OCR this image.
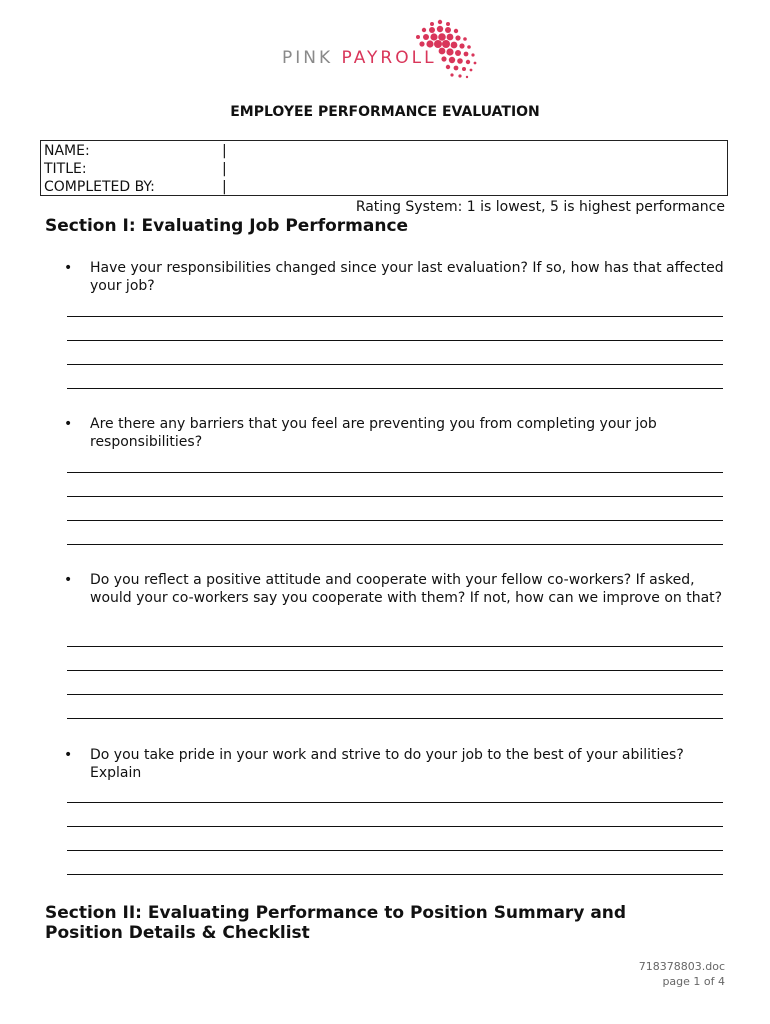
PINK PAYROLL
EMPLOYEE PERFORMANCE EVALUATION
NAME:	|
TITLE:	|
COMPLETED BY:	|
Rating System: 1 is lowest, 5 is highest performance
Section I: Evaluating Job Performance
• Have your responsibilities changed since your last evaluation? If so, how has that affected your job?
• Are there any barriers that you feel are preventing you from completing your job responsibilities?
• Do you reflect a positive attitude and cooperate with your fellow co-workers? If asked, would your co-workers say you cooperate with them? If not, how can we improve on that?
• Do you take pride in your work and strive to do your job to the best of your abilities? Explain
Section II: Evaluating Performance to Position Summary and
Position Details & Checklist
718378803.doc
page 1 of 4
